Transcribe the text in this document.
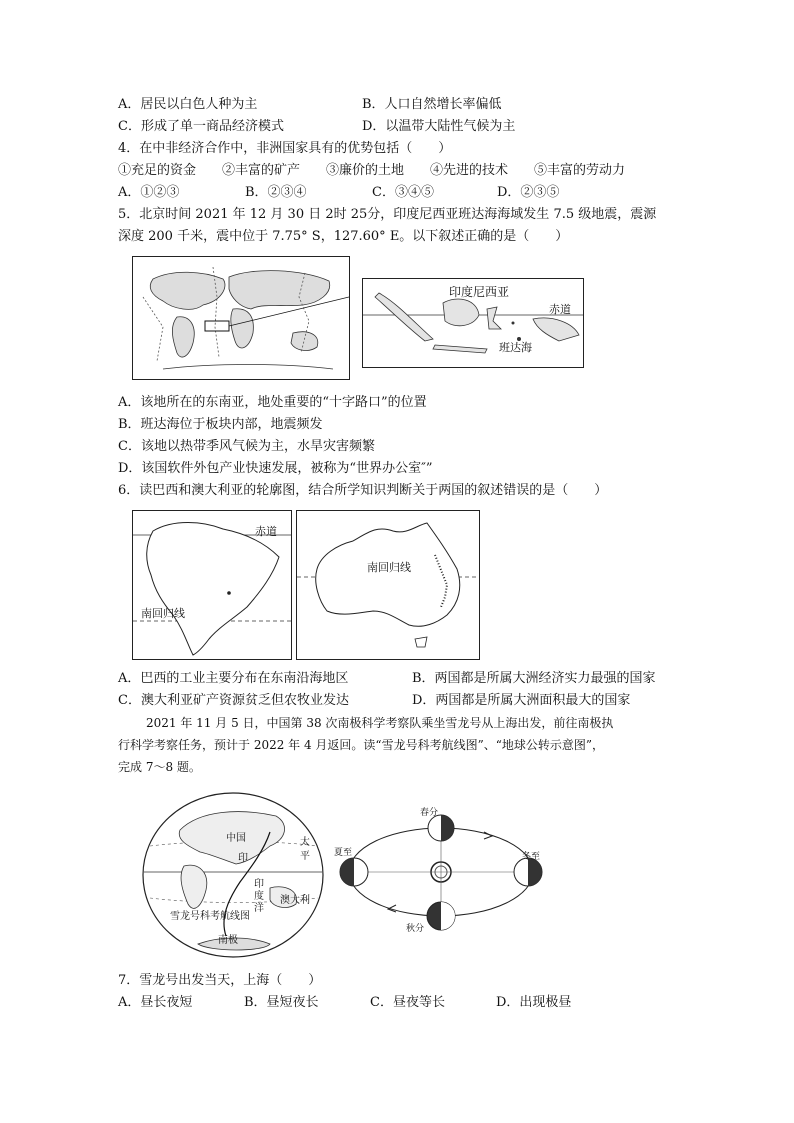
A．居民以白色人种为主	B．人口自然增长率偏低
C．形成了单一商品经济模式	D．以温带大陆性气候为主
4．在中非经济合作中，非洲国家具有的优势包括（　　）
①充足的资金　　②丰富的矿产　　③廉价的土地　　④先进的技术　　⑤丰富的劳动力
A．①②③	B．②③④	C．③④⑤	D．②③⑤
5．北京时间 2021 年 12 月 30 日 2时 25分，印度尼西亚班达海海域发生 7.5 级地震，震源
深度 200 千米，震中位于 7.75° S，127.60° E。以下叙述正确的是（　　）
印度尼西亚
赤道
班达海
A．该地所在的东南亚，地处重要的“十字路口”的位置
B．班达海位于板块内部，地震频发
C．该地以热带季风气候为主，水旱灾害频繁
D．该国软件外包产业快速发展，被称为“世界办公室″”
6．读巴西和澳大利亚的轮廓图，结合所学知识判断关于两国的叙述错误的是（　　）
赤道
南回归线
南回归线
A．巴西的工业主要分布在东南沿海地区	B．两国都是所属大洲经济实力最强的国家
C．澳大利亚矿产资源贫乏但农牧业发达	D．两国都是所属大洲面积最大的国家
2021 年 11 月 5 日，中国第 38 次南极科学考察队乘坐雪龙号从上海出发，前往南极执
行科学考察任务，预计于 2022 年 4 月返回。读“雪龙号科考航线图”、“地球公转示意图”，
完成 7～8 题。
中国
印
太
平
印
度
洋
澳大利
雪龙号科考航线图
南极
春分
夏至	冬至
秋分
7．雪龙号出发当天，上海（　　）
A．昼长夜短	B．昼短夜长	C．昼夜等长	D．出现极昼
